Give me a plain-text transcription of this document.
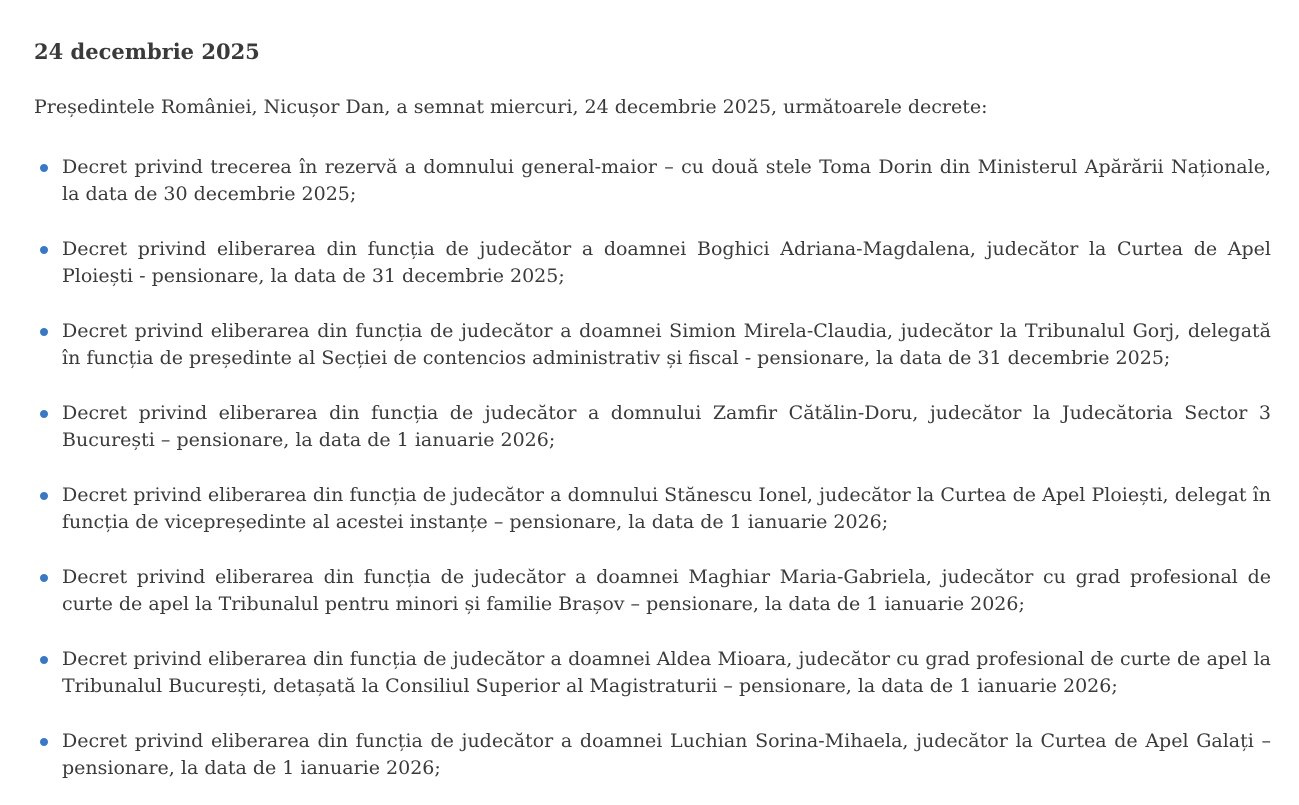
24 decembrie 2025

Președintele României, Nicușor Dan, a semnat miercuri, 24 decembrie 2025, următoarele decrete:

Decret privind trecerea în rezervă a domnului general-maior – cu două stele Toma Dorin din Ministerul Apărării Naționale, la data de 30 decembrie 2025;
Decret privind eliberarea din funcția de judecător a doamnei Boghici Adriana-Magdalena, judecător la Curtea de Apel Ploiești - pensionare, la data de 31 decembrie 2025;
Decret privind eliberarea din funcția de judecător a doamnei Simion Mirela-Claudia, judecător la Tribunalul Gorj, delegată în funcția de președinte al Secției de contencios administrativ și fiscal - pensionare, la data de 31 decembrie 2025;
Decret privind eliberarea din funcția de judecător a domnului Zamfir Cătălin-Doru, judecător la Judecătoria Sector 3 București – pensionare, la data de 1 ianuarie 2026;
Decret privind eliberarea din funcția de judecător a domnului Stănescu Ionel, judecător la Curtea de Apel Ploiești, delegat în funcția de vicepreședinte al acestei instanțe – pensionare, la data de 1 ianuarie 2026;
Decret privind eliberarea din funcția de judecător a doamnei Maghiar Maria-Gabriela, judecător cu grad profesional de curte de apel la Tribunalul pentru minori și familie Brașov – pensionare, la data de 1 ianuarie 2026;
Decret privind eliberarea din funcția de judecător a doamnei Aldea Mioara, judecător cu grad profesional de curte de apel la Tribunalul București, detașată la Consiliul Superior al Magistraturii – pensionare, la data de 1 ianuarie 2026;
Decret privind eliberarea din funcția de judecător a doamnei Luchian Sorina-Mihaela, judecător la Curtea de Apel Galați – pensionare, la data de 1 ianuarie 2026;
